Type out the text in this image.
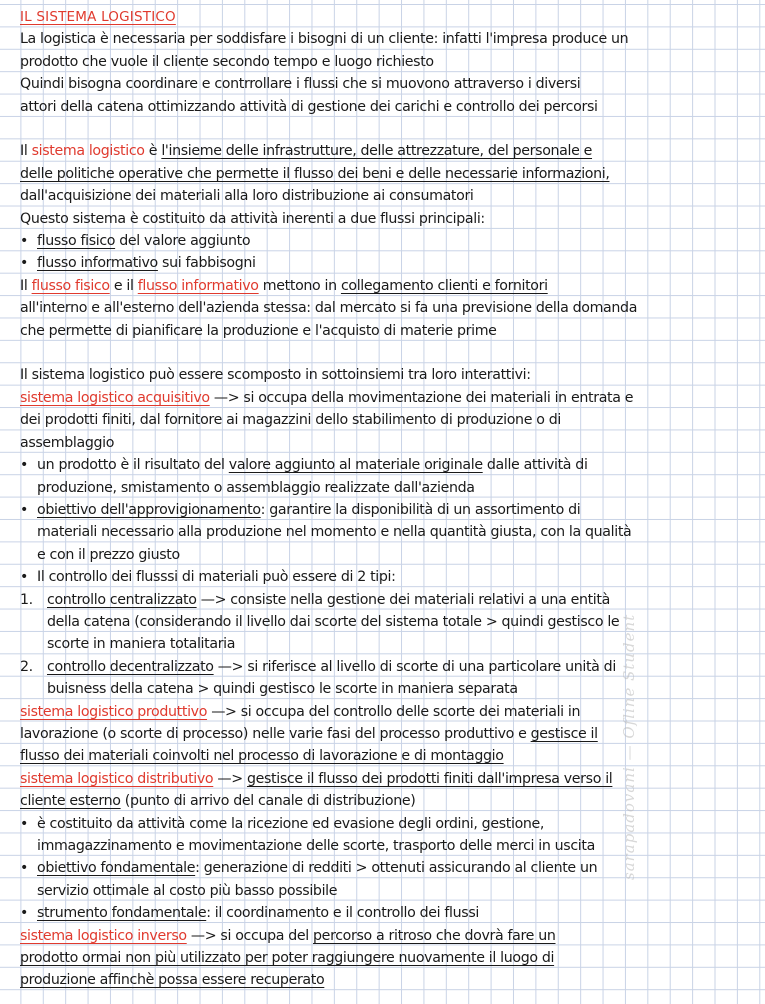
IL SISTEMA LOGISTICO
La logistica è necessaria per soddisfare i bisogni di un cliente: infatti l'impresa produce un
prodotto che vuole il cliente secondo tempo e luogo richiesto
Quindi bisogna coordinare e contrrollare i flussi che si muovono attraverso i diversi
attori della catena ottimizzando attività di gestione dei carichi e controllo dei percorsi
Il sistema logistico è l'insieme delle infrastrutture, delle attrezzature, del personale e
delle politiche operative che permette il flusso dei beni e delle necessarie informazioni,
dall'acquisizione dei materiali alla loro distribuzione ai consumatori
Questo sistema è costituito da attività inerenti a due flussi principali:
• flusso fisico del valore aggiunto
• flusso informativo sui fabbisogni
Il flusso fisico e il flusso informativo mettono in collegamento clienti e fornitori
all'interno e all'esterno dell'azienda stessa: dal mercato si fa una previsione della domanda
che permette di pianificare la produzione e l'acquisto di materie prime
Il sistema logistico può essere scomposto in sottoinsiemi tra loro interattivi:
sistema logistico acquisitivo —> si occupa della movimentazione dei materiali in entrata e
dei prodotti finiti, dal fornitore ai magazzini dello stabilimento di produzione o di
assemblaggio
• un prodotto è il risultato del valore aggiunto al materiale originale dalle attività di
produzione, smistamento o assemblaggio realizzate dall'azienda
• obiettivo dell'approvigionamento: garantire la disponibilità di un assortimento di
materiali necessario alla produzione nel momento e nella quantità giusta, con la qualità
e con il prezzo giusto
• Il controllo dei flusssi di materiali può essere di 2 tipi:
1. controllo centralizzato —> consiste nella gestione dei materiali relativi a una entità
della catena (considerando il livello dai scorte del sistema totale > quindi gestisco le
scorte in maniera totalitaria
2. controllo decentralizzato —> si riferisce al livello di scorte di una particolare unità di
buisness della catena > quindi gestisco le scorte in maniera separata
sistema logistico produttivo —> si occupa del controllo delle scorte dei materiali in
lavorazione (o scorte di processo) nelle varie fasi del processo produttivo e gestisce il
flusso dei materiali coinvolti nel processo di lavorazione e di montaggio
sistema logistico distributivo —> gestisce il flusso dei prodotti finiti dall'impresa verso il
cliente esterno (punto di arrivo del canale di distribuzione)
• è costituito da attività come la ricezione ed evasione degli ordini, gestione,
immagazzinamento e movimentazione delle scorte, trasporto delle merci in uscita
• obiettivo fondamentale: generazione di redditi > ottenuti assicurando al cliente un
servizio ottimale al costo più basso possibile
• strumento fondamentale: il coordinamento e il controllo dei flussi
sistema logistico inverso —> si occupa del percorso a ritroso che dovrà fare un
prodotto ormai non più utilizzato per poter raggiungere nuovamente il luogo di
produzione affinchè possa essere recuperato
sarapadovani — Ofline Student
